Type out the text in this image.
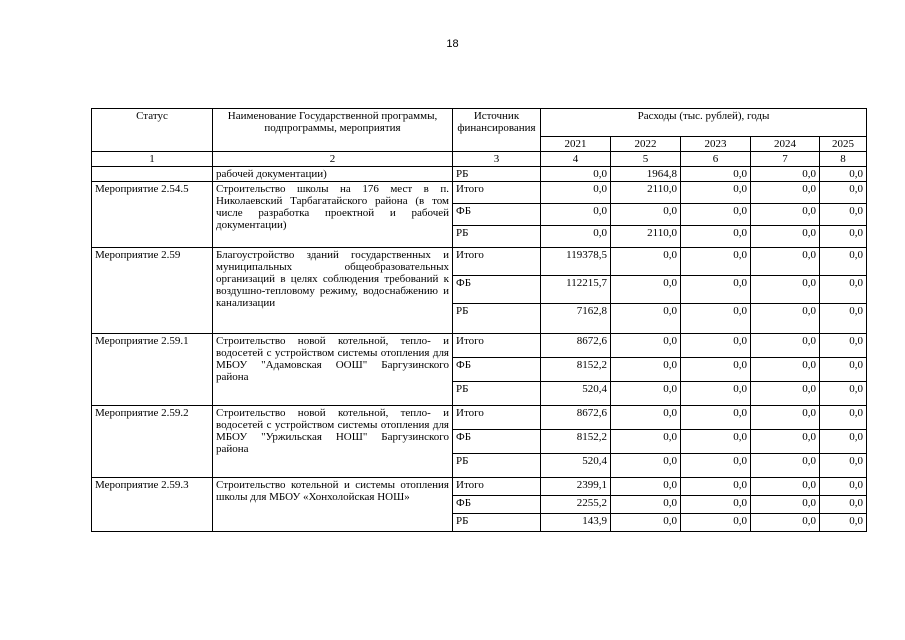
18
Статус	Наименование Государственной программы, подпрограммы, мероприятия	Источник финансирования	Расходы (тыс. рублей), годы				
			2021	2022	2023	2024	2025
1	2	3	4	5	6	7	8
	рабочей документации)	РБ	0,0	1964,8	0,0	0,0	0,0
Мероприятие 2.54.5	Строительство школы на 176 мест в п. Николаевский Тарбагатайского района (в том числе разработка проектной и рабочей документации)	Итого	0,0	2110,0	0,0	0,0	0,0
		ФБ	0,0	0,0	0,0	0,0	0,0
		РБ	0,0	2110,0	0,0	0,0	0,0
Мероприятие 2.59	Благоустройство зданий государственных и муниципальных общеобразовательных организаций в целях соблюдения требований к воздушно-тепловому режиму, водоснабжению и канализации	Итого	119378,5	0,0	0,0	0,0	0,0
		ФБ	112215,7	0,0	0,0	0,0	0,0
		РБ	7162,8	0,0	0,0	0,0	0,0
Мероприятие 2.59.1	Строительство новой котельной, тепло- и водосетей с устройством системы отопления для МБОУ "Адамовская ООШ" Баргузинского района	Итого	8672,6	0,0	0,0	0,0	0,0
		ФБ	8152,2	0,0	0,0	0,0	0,0
		РБ	520,4	0,0	0,0	0,0	0,0
Мероприятие 2.59.2	Строительство новой котельной, тепло- и водосетей с устройством системы отопления для МБОУ "Уржильская НОШ" Баргузинского района	Итого	8672,6	0,0	0,0	0,0	0,0
		ФБ	8152,2	0,0	0,0	0,0	0,0
		РБ	520,4	0,0	0,0	0,0	0,0
Мероприятие 2.59.3	Строительство котельной и системы отопления школы для МБОУ «Хонхолойская НОШ»	Итого	2399,1	0,0	0,0	0,0	0,0
		ФБ	2255,2	0,0	0,0	0,0	0,0
		РБ	143,9	0,0	0,0	0,0	0,0
